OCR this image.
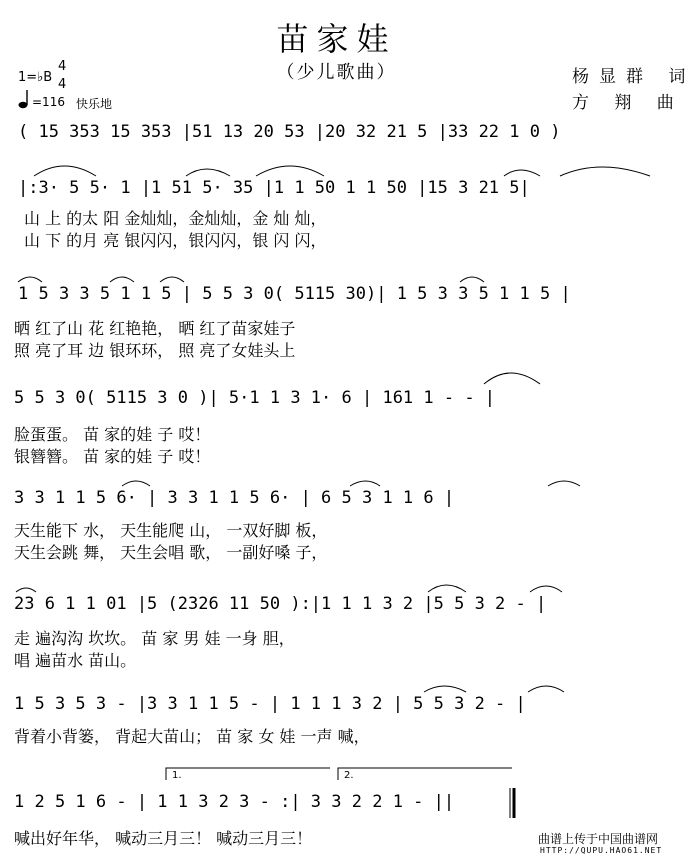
苗家娃
（少儿歌曲）	杨显群 词
方 翔 曲
1=♭B
4
4
=116 快乐地
( 15 353 15 353 |51 13 20 53 |20 32 21 5 |33 22 1 0 )
|:3· 5 5· 1 |1 51 5· 35 |1 1 50 1 1 50 |15 3 21 5|
山 上 的太 阳 金灿灿，金灿灿，金 灿 灿，
山 下 的月 亮 银闪闪，银闪闪，银 闪 闪，
1 5 3 3 5 1 1 5 | 5 5 3 0( 5115 30)| 1 5 3 3 5 1 1 5 |
晒 红了山 花 红艳艳， 晒 红了苗家娃子
照 亮了耳 边 银环环， 照 亮了女娃头上
5 5 3 0( 5115 3 0 )| 5·1 1 3 1· 6 | 161 1 - - |
脸蛋蛋。 苗 家的娃 子 哎！
银簪簪。 苗 家的娃 子 哎！
3 3 1 1 5 6· | 3 3 1 1 5 6· | 6 5 3 1 1 6 |
天生能下 水， 天生能爬 山， 一双好脚 板，
天生会跳 舞， 天生会唱 歌， 一副好嗓 子，
23 6 1 1 01 |5 (2326 11 50 ):|1 1 1 3 2 |5 5 3 2 - |
走 遍沟沟 坎坎。 苗 家 男 娃 一身 胆，
唱 遍苗水 苗山。
1 5 3 5 3 - |3 3 1 1 5 - | 1 1 1 3 2 | 5 5 3 2 - |
背着小背篓， 背起大苗山； 苗 家 女 娃 一声 喊，
1.	2.
1 2 5 1 6 - | 1 1 3 2 3 - :| 3 3 2 2 1 - ||
喊出好年华， 喊动三月三！ 喊动三月三！	曲谱上传于中国曲谱网
HTTP://QUPU.HAO61.NET
